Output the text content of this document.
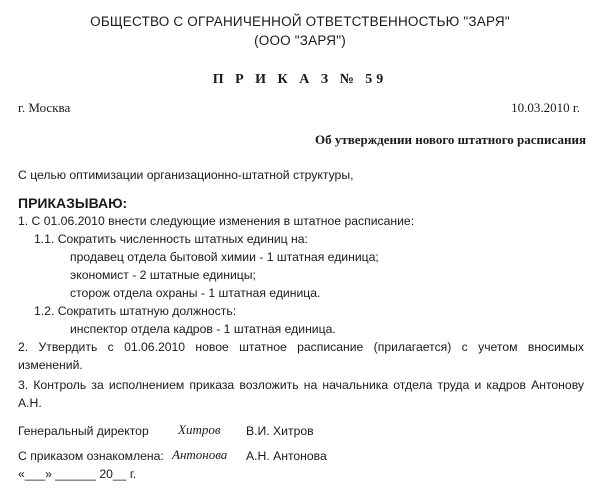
ОБЩЕСТВО С ОГРАНИЧЕННОЙ ОТВЕТСТВЕННОСТЬЮ "ЗАРЯ"
(ООО "ЗАРЯ")
П Р И К А З № 59
г. Москва	10.03.2010 г.
Об утверждении нового штатного расписания
С целью оптимизации организационно-штатной структуры,
ПРИКАЗЫВАЮ:
1. С 01.06.2010 внести следующие изменения в штатное расписание:
1.1. Сократить численность штатных единиц на:
продавец отдела бытовой химии - 1 штатная единица;
экономист - 2 штатные единицы;
сторож отдела охраны - 1 штатная единица.
1.2. Сократить штатную должность:
инспектор отдела кадров - 1 штатная единица.
2. Утвердить с 01.06.2010 новое штатное расписание (прилагается) с учетом вносимых
изменений.
3. Контроль за исполнением приказа возложить на начальника отдела труда и кадров Антонову
А.Н.
Генеральный директор Хитров В.И. Хитров
С приказом ознакомлена: Антонова А.Н. Антонова
«___» ______ 20__ г.
